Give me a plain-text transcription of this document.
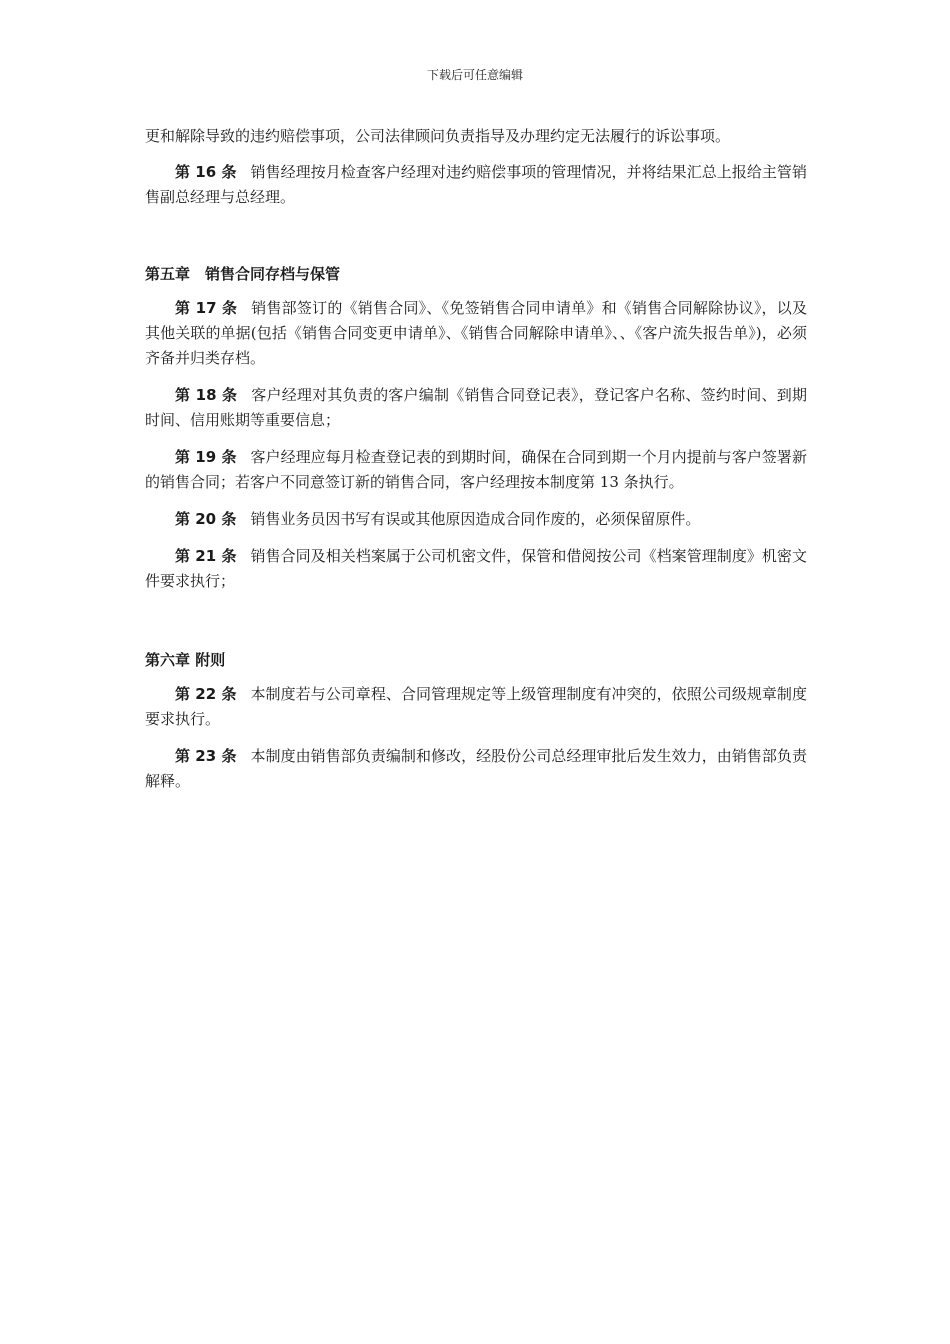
下载后可任意编辑

更和解除导致的违约赔偿事项，公司法律顾问负责指导及办理约定无法履行的诉讼事项。

第 16 条 销售经理按月检查客户经理对违约赔偿事项的管理情况，并将结果汇总上报给主管销售副总经理与总经理。

第五章　销售合同存档与保管

第 17 条 销售部签订的《销售合同》、《免签销售合同申请单》和《销售合同解除协议》，以及其他关联的单据(包括《销售合同变更申请单》、《销售合同解除申请单》、、《客户流失报告单》)，必须齐备并归类存档。

第 18 条 客户经理对其负责的客户编制《销售合同登记表》，登记客户名称、签约时间、到期时间、信用账期等重要信息；

第 19 条 客户经理应每月检查登记表的到期时间，确保在合同到期一个月内提前与客户签署新的销售合同；若客户不同意签订新的销售合同，客户经理按本制度第 13 条执行。

第 20 条 销售业务员因书写有误或其他原因造成合同作废的，必须保留原件。

第 21 条 销售合同及相关档案属于公司机密文件，保管和借阅按公司《档案管理制度》机密文件要求执行；

第六章 附则

第 22 条 本制度若与公司章程、合同管理规定等上级管理制度有冲突的，依照公司级规章制度要求执行。

第 23 条 本制度由销售部负责编制和修改，经股份公司总经理审批后发生效力，由销售部负责解释。
